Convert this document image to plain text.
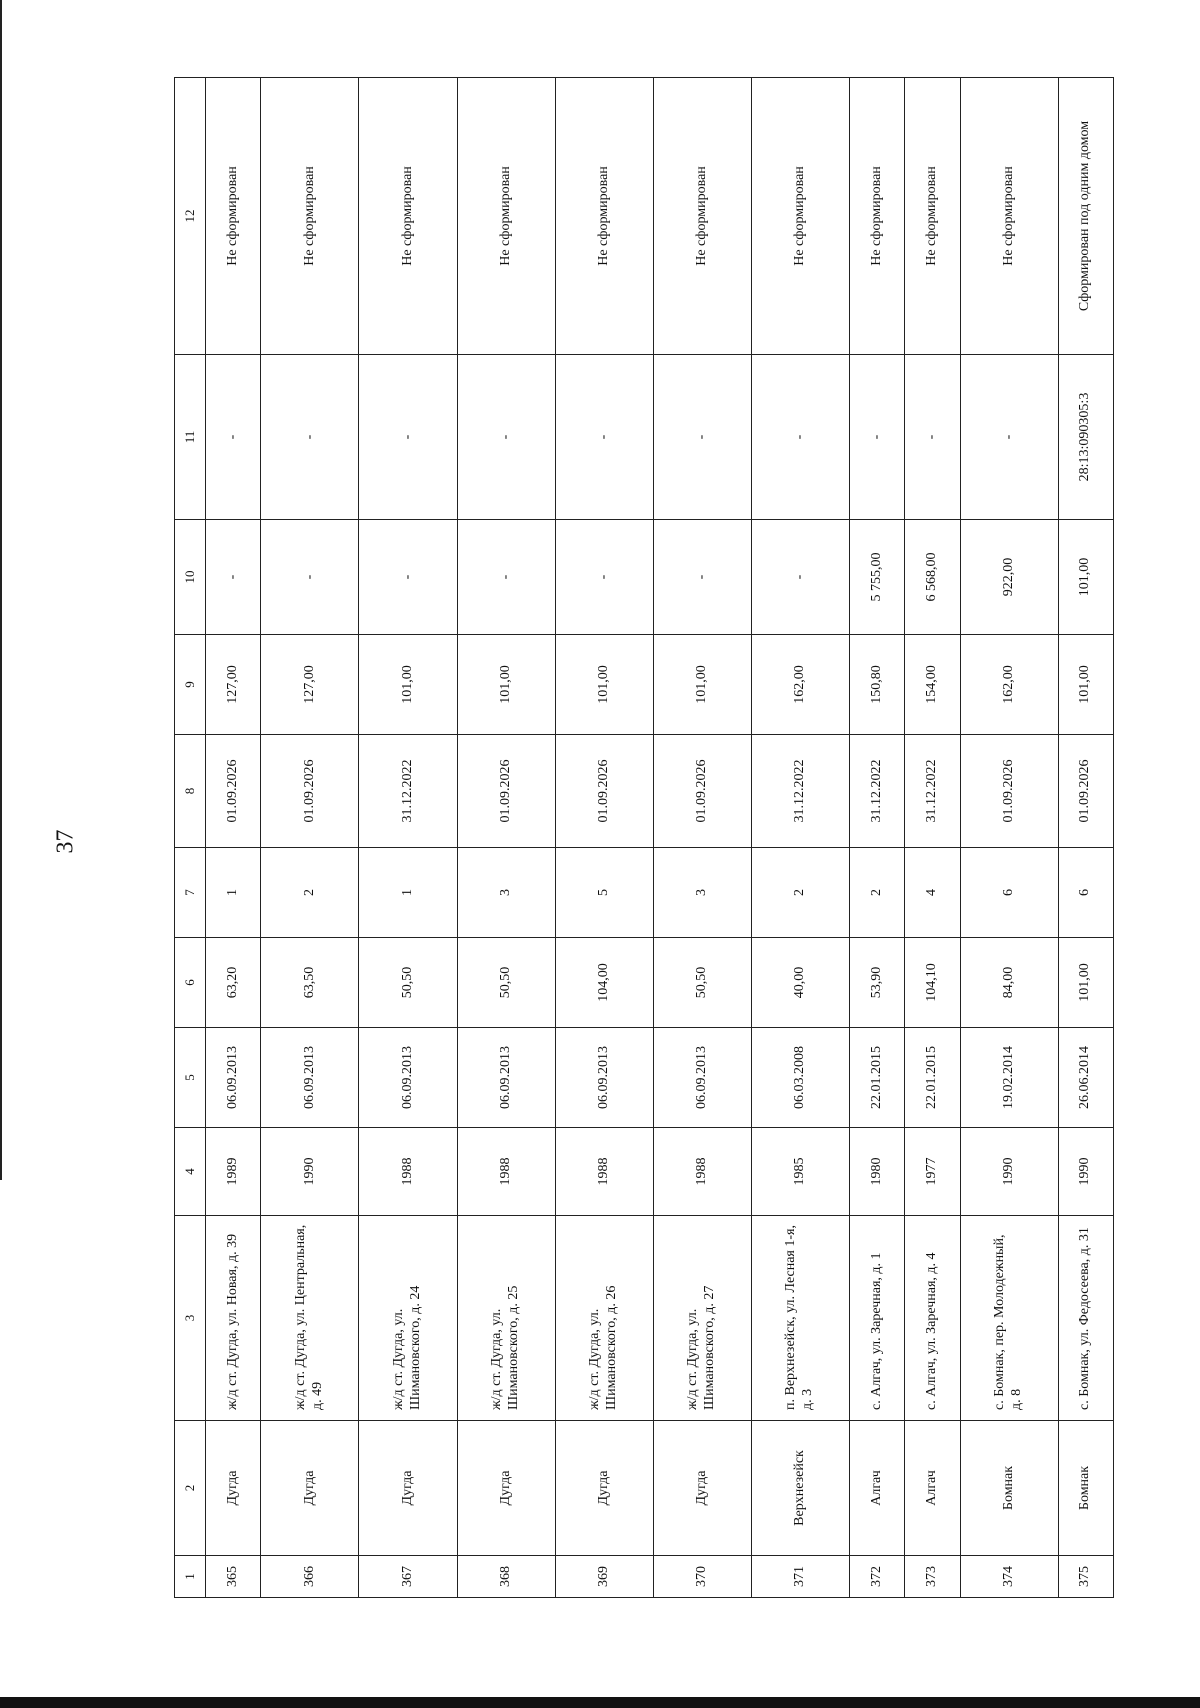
37
1	2	3	4	5	6	7	8	9	10	11	12
365	Дугда	ж/д ст. Дугда, ул. Новая, д. 39	1989	06.09.2013	63,20	1	01.09.2026	127,00	-	-	Не сформирован
366	Дугда	ж/д ст. Дугда, ул. Центральная, д. 49	1990	06.09.2013	63,50	2	01.09.2026	127,00	-	-	Не сформирован
367	Дугда	ж/д ст. Дугда, ул. Шимановского, д. 24	1988	06.09.2013	50,50	1	31.12.2022	101,00	-	-	Не сформирован
368	Дугда	ж/д ст. Дугда, ул. Шимановского, д. 25	1988	06.09.2013	50,50	3	01.09.2026	101,00	-	-	Не сформирован
369	Дугда	ж/д ст. Дугда, ул. Шимановского, д. 26	1988	06.09.2013	104,00	5	01.09.2026	101,00	-	-	Не сформирован
370	Дугда	ж/д ст. Дугда, ул. Шимановского, д. 27	1988	06.09.2013	50,50	3	01.09.2026	101,00	-	-	Не сформирован
371	Верхнезейск	п. Верхнезейск, ул. Лесная 1-я, д. 3	1985	06.03.2008	40,00	2	31.12.2022	162,00	-	-	Не сформирован
372	Алгач	с. Алгач, ул. Заречная, д. 1	1980	22.01.2015	53,90	2	31.12.2022	150,80	5 755,00	-	Не сформирован
373	Алгач	с. Алгач, ул. Заречная, д. 4	1977	22.01.2015	104,10	4	31.12.2022	154,00	6 568,00	-	Не сформирован
374	Бомнак	с. Бомнак, пер. Молодежный, д. 8	1990	19.02.2014	84,00	6	01.09.2026	162,00	922,00	-	Не сформирован
375	Бомнак	с. Бомнак, ул. Федосеева, д. 31	1990	26.06.2014	101,00	6	01.09.2026	101,00	101,00	28:13:090305:3	Сформирован под одним домом
